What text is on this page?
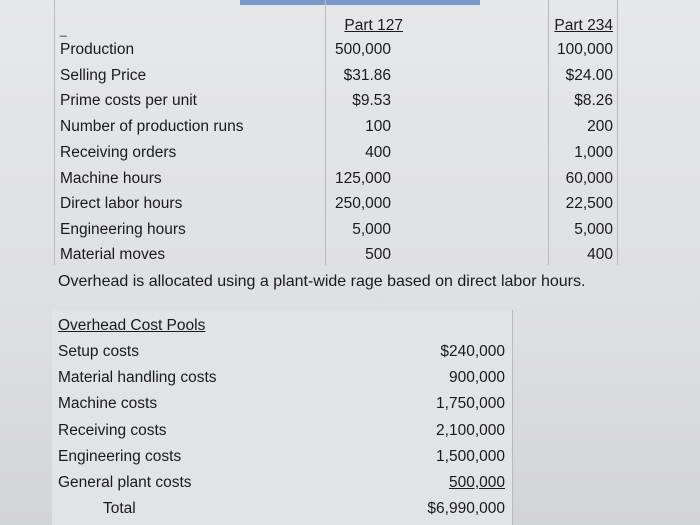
_	Part 127	Part 234
Production	500,000	100,000
Selling Price	$31.86	$24.00
Prime costs per unit	$9.53	$8.26
Number of production runs	100	200
Receiving orders	400	1,000
Machine hours	125,000	60,000
Direct labor hours	250,000	22,500
Engineering hours	5,000	5,000
Material moves	500	400
Overhead is allocated using a plant-wide rage based on direct labor hours.
Overhead Cost Pools
Setup costs	$240,000
Material handling costs	900,000
Machine costs	1,750,000
Receiving costs	2,100,000
Engineering costs	1,500,000
General plant costs	500,000
Total	$6,990,000
